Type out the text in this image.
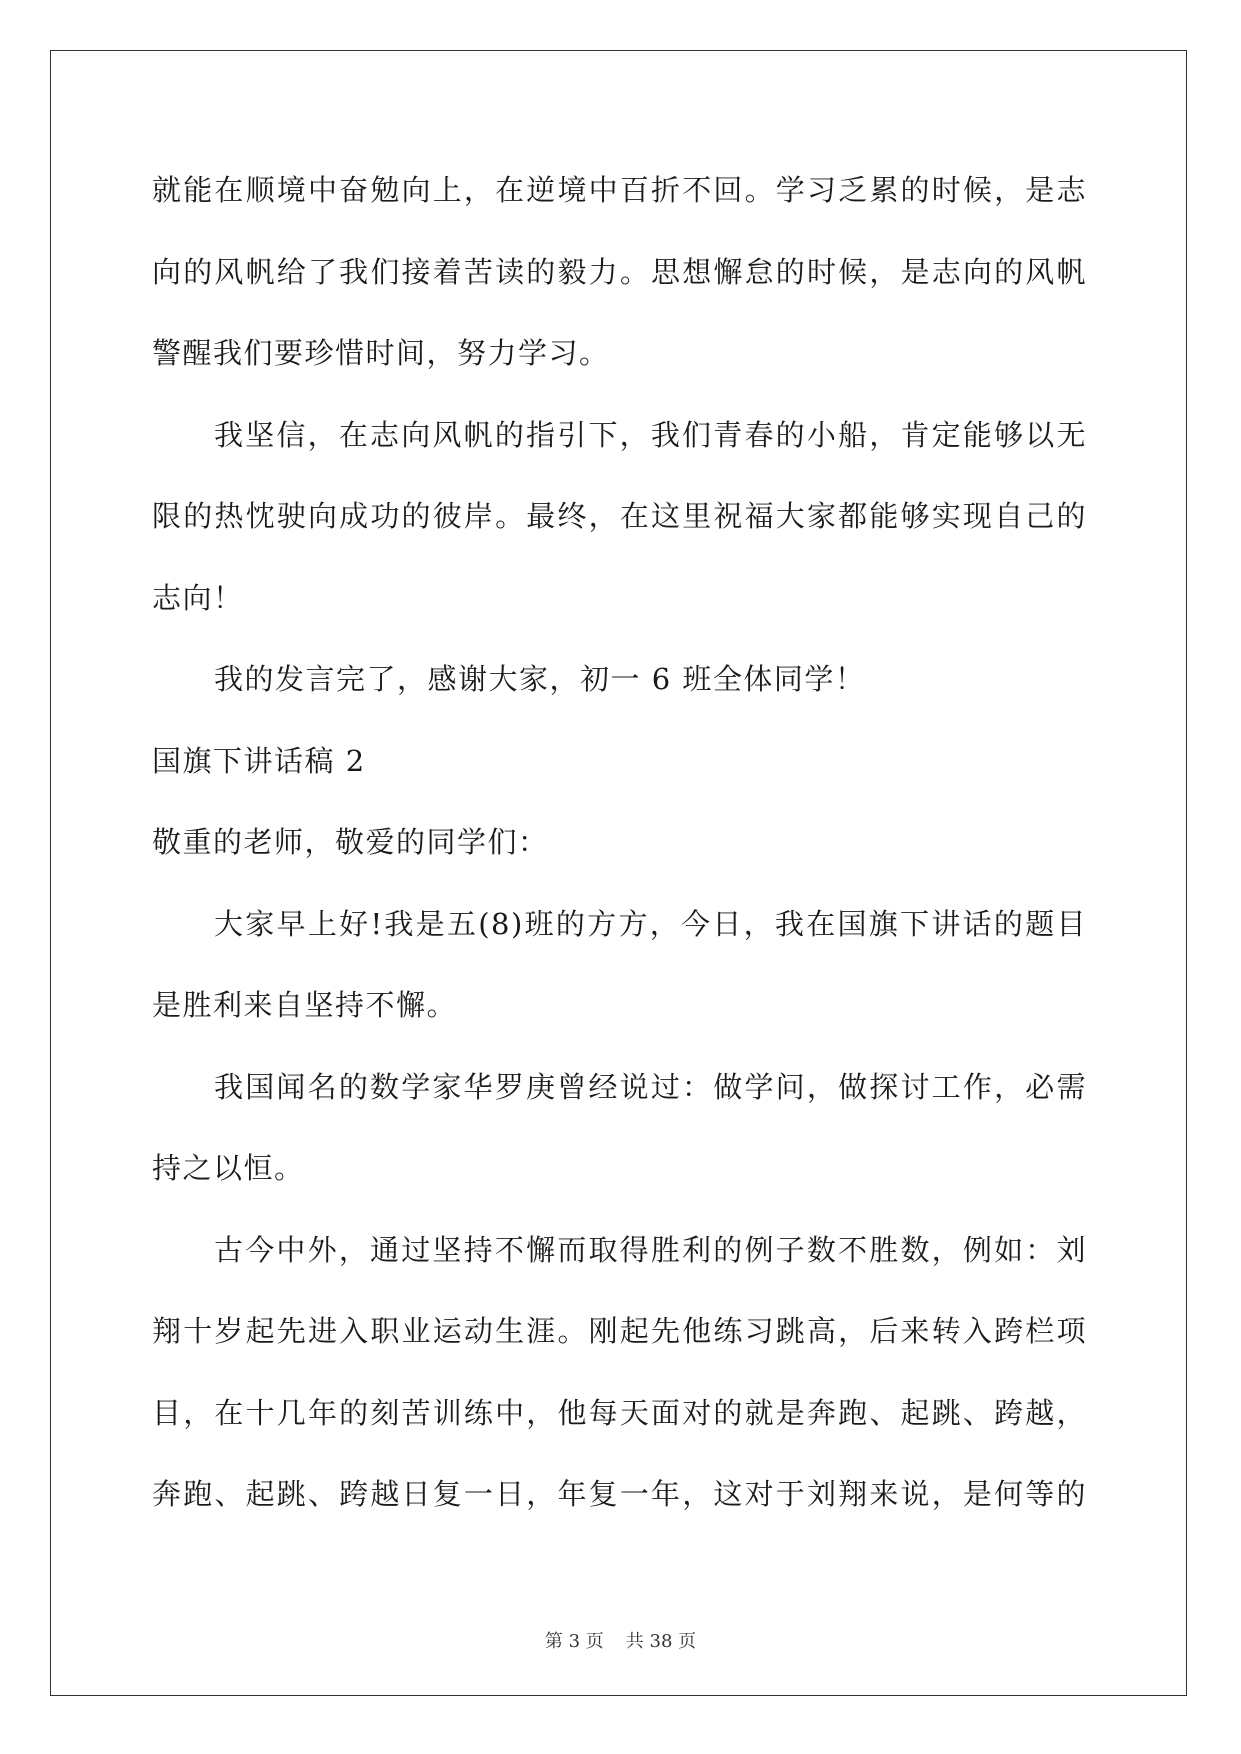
就能在顺境中奋勉向上，在逆境中百折不回。学习乏累的时候，是志
向的风帆给了我们接着苦读的毅力。思想懈怠的时候，是志向的风帆
警醒我们要珍惜时间，努力学习。
我坚信，在志向风帆的指引下，我们青春的小船，肯定能够以无
限的热忱驶向成功的彼岸。最终，在这里祝福大家都能够实现自己的
志向！
我的发言完了，感谢大家，初一 6 班全体同学！
国旗下讲话稿 2
敬重的老师，敬爱的同学们：
大家早上好!我是五(8)班的方方，今日，我在国旗下讲话的题目
是胜利来自坚持不懈。
我国闻名的数学家华罗庚曾经说过：做学问，做探讨工作，必需
持之以恒。
古今中外，通过坚持不懈而取得胜利的例子数不胜数，例如：刘
翔十岁起先进入职业运动生涯。刚起先他练习跳高，后来转入跨栏项
目，在十几年的刻苦训练中，他每天面对的就是奔跑、起跳、跨越，
奔跑、起跳、跨越日复一日，年复一年，这对于刘翔来说，是何等的
第 3 页 共 38 页
